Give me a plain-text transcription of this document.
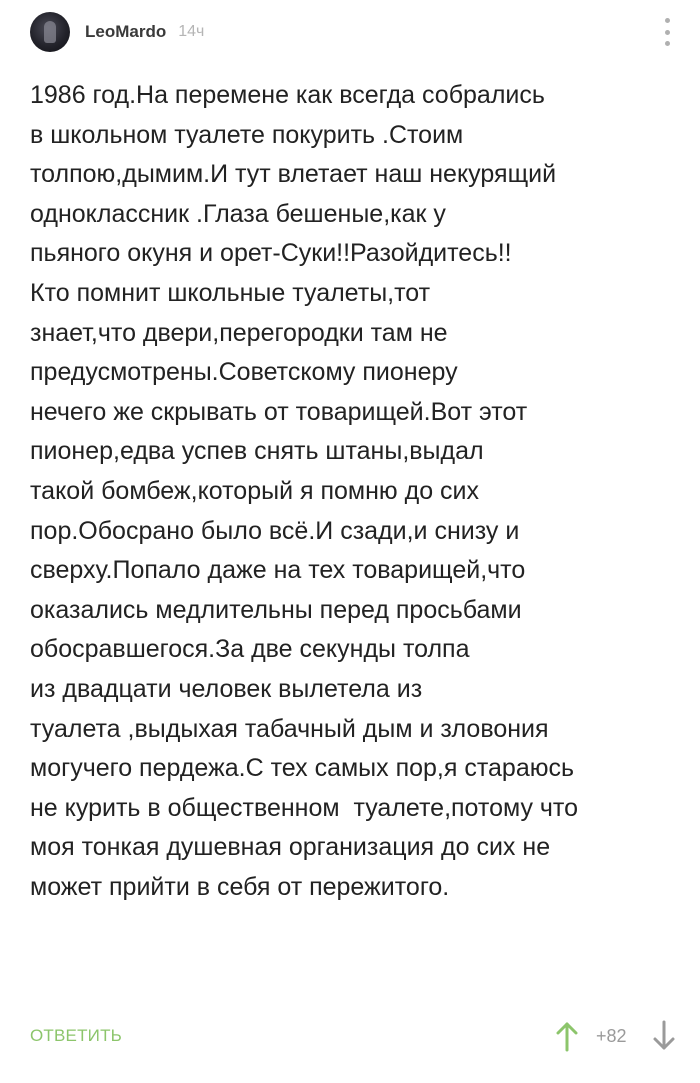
LeoMardo 14ч
1986 год.На перемене как всегда собрались
в школьном туалете покурить .Стоим
толпою,дымим.И тут влетает наш некурящий
одноклассник .Глаза бешеные,как у
пьяного окуня и орет-Суки!!Разойдитесь!!
Кто помнит школьные туалеты,тот
знает,что двери,перегородки там не
предусмотрены.Советскому пионеру
нечего же скрывать от товарищей.Вот этот
пионер,едва успев снять штаны,выдал
такой бомбеж,который я помню до сих
пор.Обосрано было всё.И сзади,и снизу и
сверху.Попало даже на тех товарищей,что
оказались медлительны перед просьбами
обосравшегося.За две секунды толпа
из двадцати человек вылетела из
туалета ,выдыхая табачный дым и зловония
могучего пердежа.С тех самых пор,я стараюсь
не курить в общественном  туалете,потому что
моя тонкая душевная организация до сих не
может прийти в себя от пережитого.
ОТВЕТИТЬ	+82
